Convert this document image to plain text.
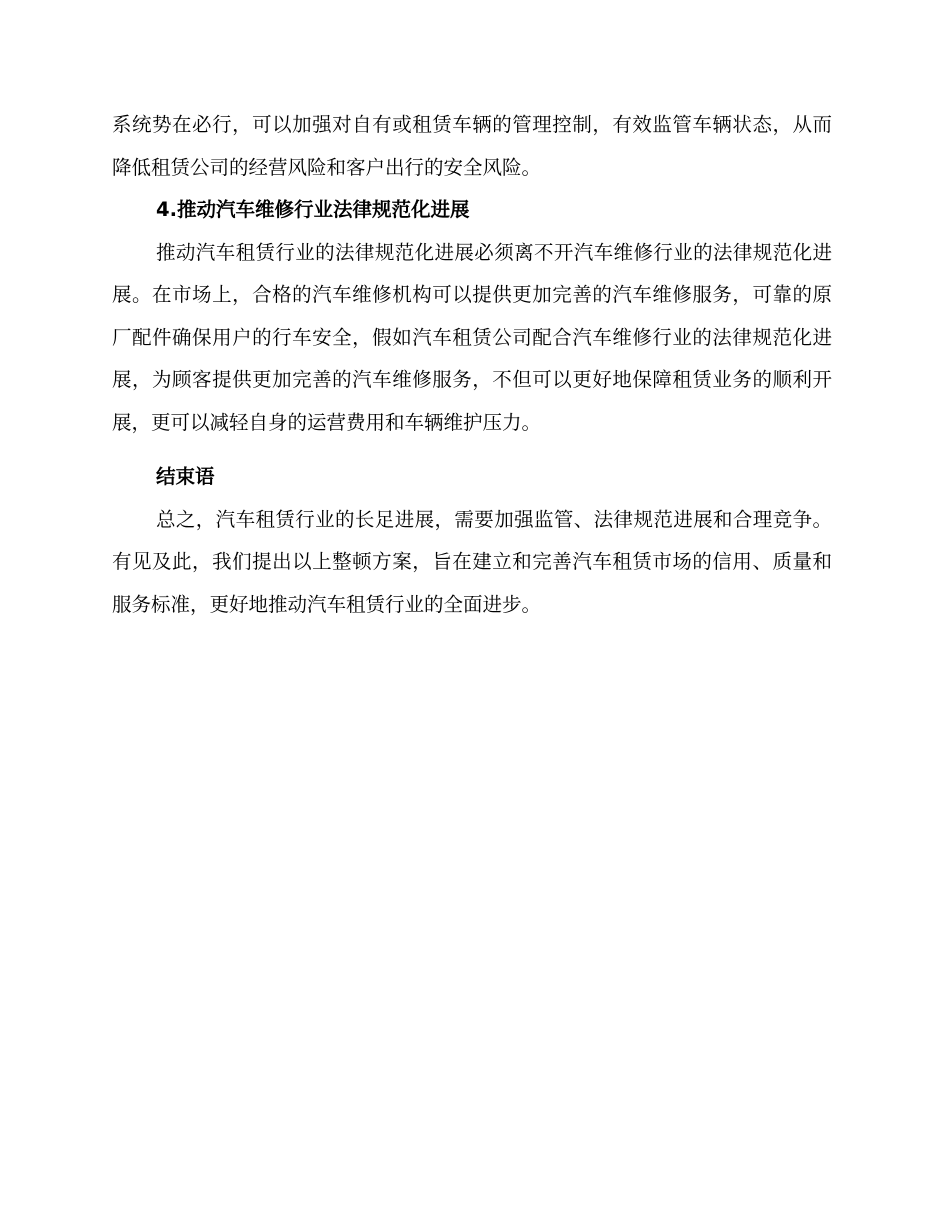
系统势在必行，可以加强对自有或租赁车辆的管理控制，有效监管车辆状态，从而降低租赁公司的经营风险和客户出行的安全风险。

4.推动汽车维修行业法律规范化进展

推动汽车租赁行业的法律规范化进展必须离不开汽车维修行业的法律规范化进展。在市场上，合格的汽车维修机构可以提供更加完善的汽车维修服务，可靠的原厂配件确保用户的行车安全，假如汽车租赁公司配合汽车维修行业的法律规范化进展，为顾客提供更加完善的汽车维修服务，不但可以更好地保障租赁业务的顺利开展，更可以减轻自身的运营费用和车辆维护压力。

结束语

总之，汽车租赁行业的长足进展，需要加强监管、法律规范进展和合理竞争。有见及此，我们提出以上整顿方案，旨在建立和完善汽车租赁市场的信用、质量和服务标准，更好地推动汽车租赁行业的全面进步。
